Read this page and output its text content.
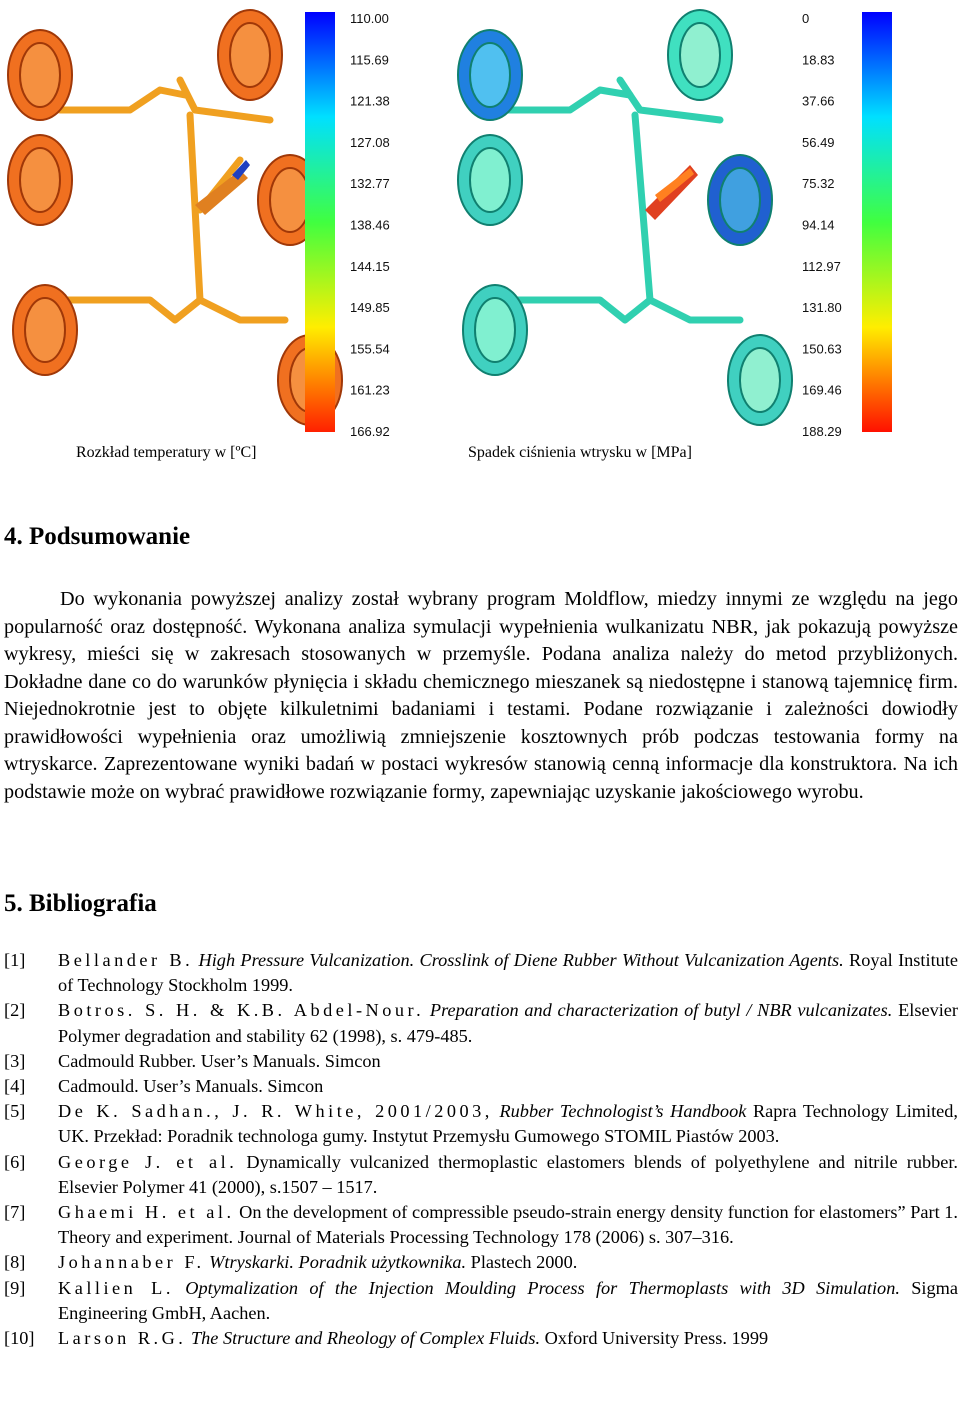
110.00
115.69
121.38
127.08
132.77
138.46
144.15
149.85
155.54
161.23
166.92
0
18.83
37.66
56.49
75.32
94.14
112.97
131.80
150.63
169.46
188.29
Rozkład temperatury w [ºC]	Spadek ciśnienia wtrysku w [MPa]
4. Podsumowanie

Do wykonania powyższej analizy został wybrany program Moldflow, miedzy innymi ze względu na jego popularność oraz dostępność. Wykonana analiza symulacji wypełnienia wulkanizatu NBR, jak pokazują powyższe wykresy, mieści się w zakresach stosowanych w przemyśle. Podana analiza należy do metod przybliżonych. Dokładne dane co do warunków płynięcia i składu chemicznego mieszanek są niedostępne i stanową tajemnicę firm. Niejednokrotnie jest to objęte kilkuletnimi badaniami i testami. Podane rozwiązanie i zależności dowiodły prawidłowości wypełnienia oraz umożliwią zmniejszenie kosztownych prób podczas testowania formy na wtryskarce. Zaprezentowane wyniki badań w postaci wykresów stanowią cenną informacje dla konstruktora. Na ich podstawie może on wybrać prawidłowe rozwiązanie formy, zapewniając uzyskanie jakościowego wyrobu.

5. Bibliografia
[1] Bellander B. High Pressure Vulcanization. Crosslink of Diene Rubber Without Vulcanization Agents. Royal Institute of Technology Stockholm 1999.
[2] Botros. S. H. & K.B. Abdel-Nour. Preparation and characterization of butyl / NBR vulcanizates. Elsevier Polymer degradation and stability 62 (1998), s. 479-485.
[3] Cadmould Rubber. User’s Manuals. Simcon
[4] Cadmould. User’s Manuals. Simcon
[5] De K. Sadhan., J. R. White, 2001/2003, Rubber Technologist’s Handbook Rapra Technology Limited, UK. Przekład: Poradnik technologa gumy. Instytut Przemysłu Gumowego STOMIL Piastów 2003.
[6] George J. et al. Dynamically vulcanized thermoplastic elastomers blends of polyethylene and nitrile rubber. Elsevier Polymer 41 (2000), s.1507 – 1517.
[7] Ghaemi H. et al. On the development of compressible pseudo-strain energy density function for elastomers” Part 1. Theory and experiment. Journal of Materials Processing Technology 178 (2006) s. 307–316.
[8] Johannaber F. Wtryskarki. Poradnik użytkownika. Plastech 2000.
[9] Kallien L. Optymalization of the Injection Moulding Process for Thermoplasts with 3D Simulation. Sigma Engineering GmbH, Aachen.
[10] Larson R.G. The Structure and Rheology of Complex Fluids. Oxford University Press. 1999
